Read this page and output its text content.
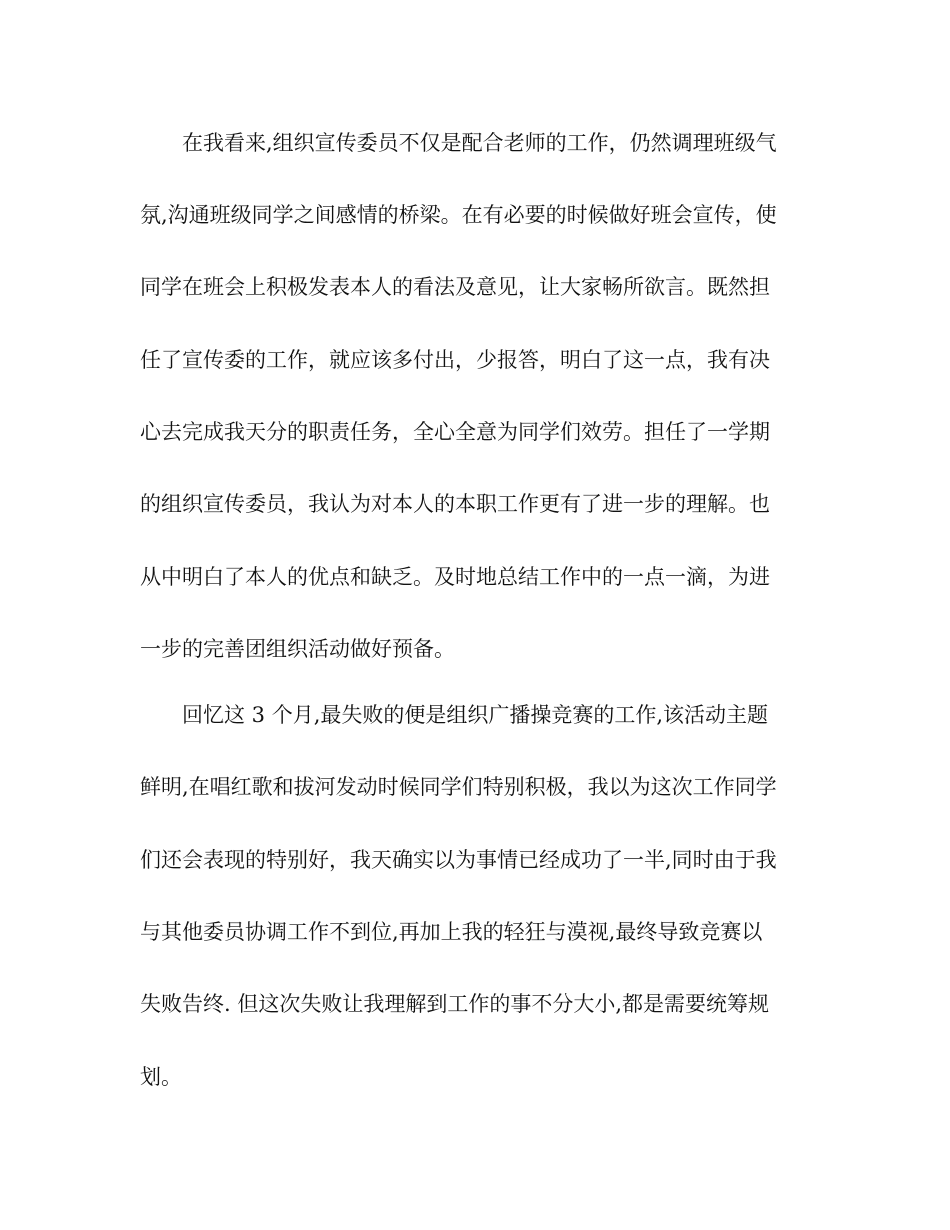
在我看来,组织宣传委员不仅是配合老师的工作，仍然调理班级气
氛,沟通班级同学之间感情的桥梁。在有必要的时候做好班会宣传，使
同学在班会上积极发表本人的看法及意见，让大家畅所欲言。既然担
任了宣传委的工作，就应该多付出，少报答，明白了这一点，我有决
心去完成我天分的职责任务，全心全意为同学们效劳。担任了一学期
的组织宣传委员，我认为对本人的本职工作更有了进一步的理解。也
从中明白了本人的优点和缺乏。及时地总结工作中的一点一滴，为进
一步的完善团组织活动做好预备。
回忆这 3 个月,最失败的便是组织广播操竞赛的工作,该活动主题
鲜明,在唱红歌和拔河发动时候同学们特别积极，我以为这次工作同学
们还会表现的特别好，我天确实以为事情已经成功了一半,同时由于我
与其他委员协调工作不到位,再加上我的轻狂与漠视,最终导致竞赛以
失败告终. 但这次失败让我理解到工作的事不分大小,都是需要统筹规
划。
